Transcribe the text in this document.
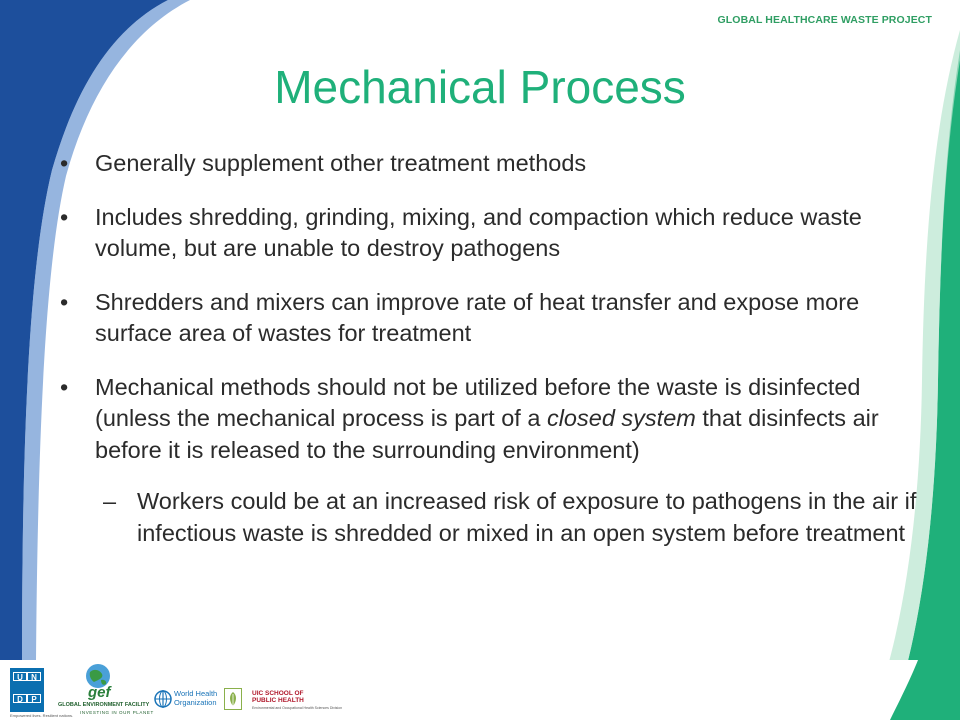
GLOBAL HEALTHCARE WASTE PROJECT
Mechanical Process
• Generally supplement other treatment methods
• Includes shredding, grinding, mixing, and compaction which reduce waste volume, but are unable to destroy pathogens
• Shredders and mixers can improve rate of heat transfer and expose more surface area of wastes for treatment
• Mechanical methods should not be utilized before the waste is disinfected (unless the mechanical process is part of a closed system that disinfects air before it is released to the surrounding environment)
– Workers could be at an increased risk of exposure to pathogens in the air if infectious waste is shredded or mixed in an open system before treatment
U	N
D	P
Empowered lives. Resilient nations.
gef
GLOBAL ENVIRONMENT FACILITY
INVESTING IN OUR PLANET
World Health
Organization
UIC SCHOOL OF
PUBLIC HEALTH
Environmental and Occupational Health Sciences Division
